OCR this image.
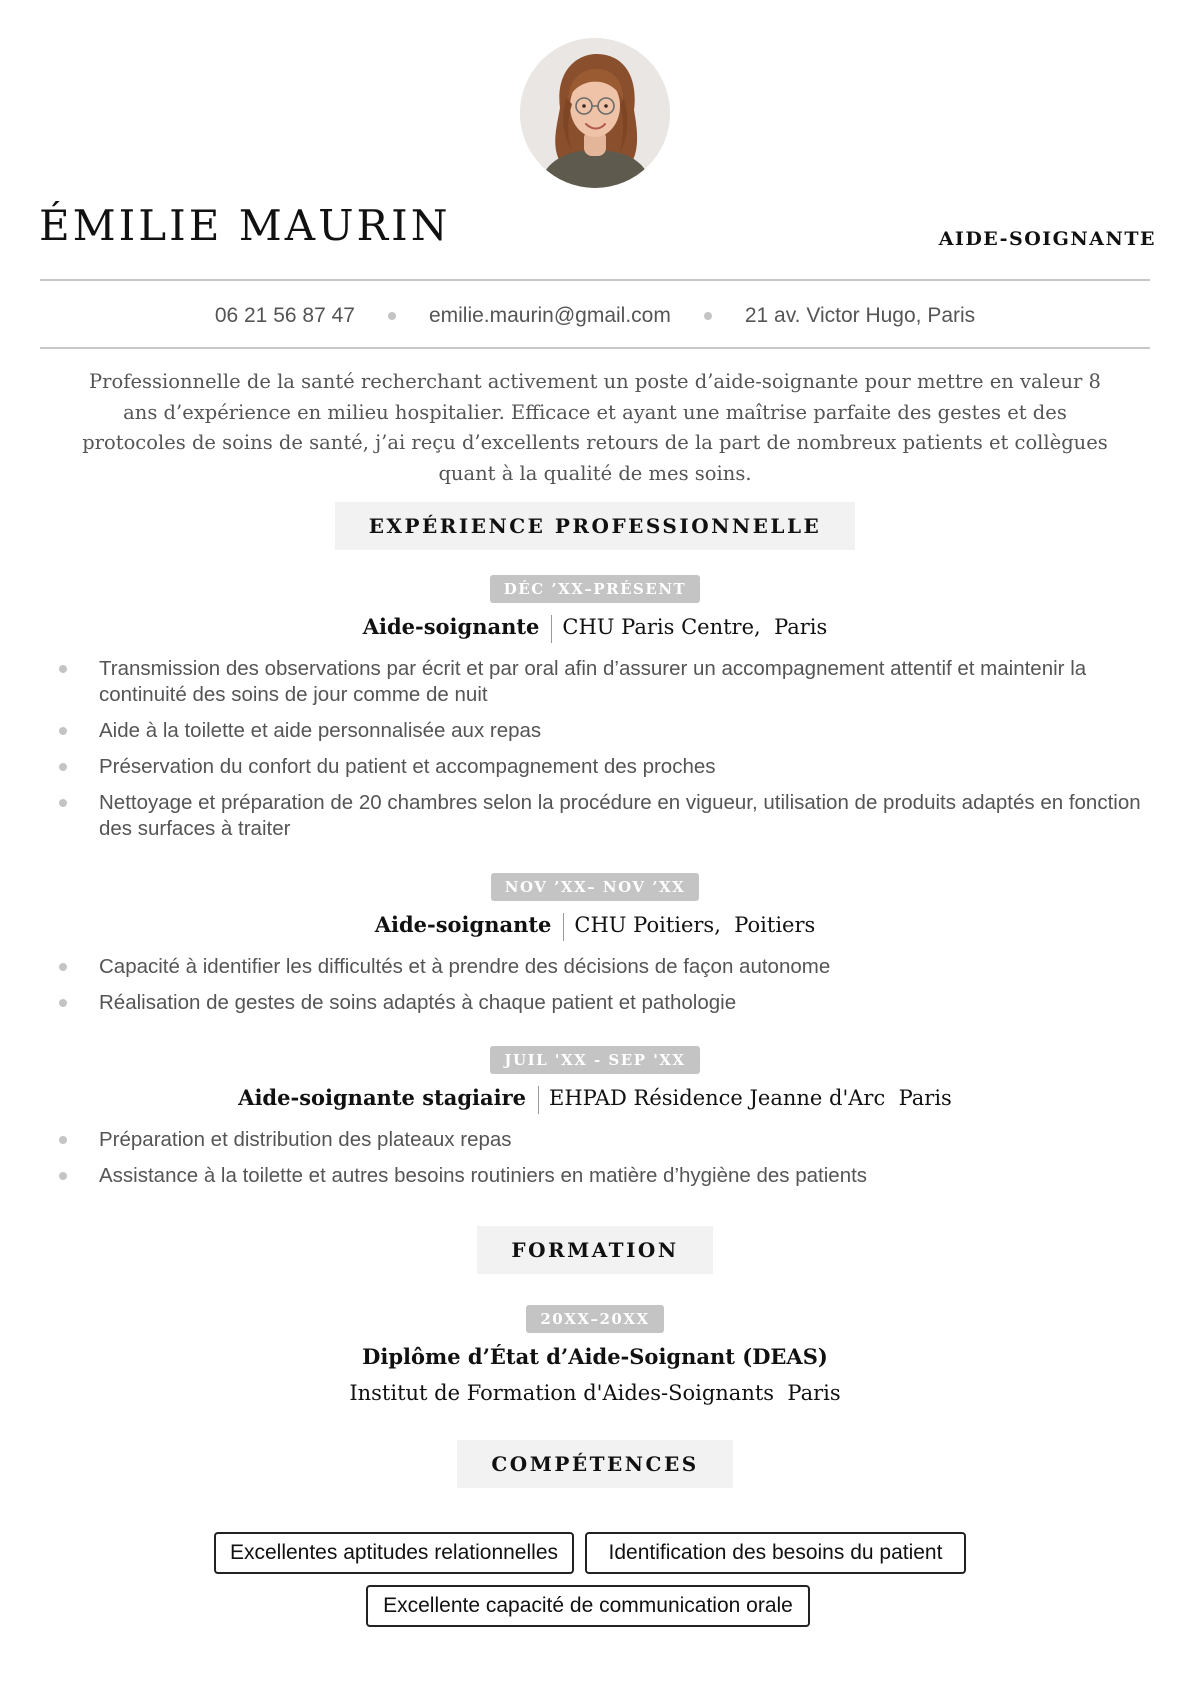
ÉMILIE MAURIN	AIDE-SOIGNANTE
06 21 56 87 47	emilie.maurin@gmail.com	21 av. Victor Hugo, Paris

Professionnelle de la santé recherchant activement un poste d’aide-soignante pour mettre en valeur 8 ans d’expérience en milieu hospitalier. Efficace et ayant une maîtrise parfaite des gestes et des protocoles de soins de santé, j’ai reçu d’excellents retours de la part de nombreux patients et collègues quant à la qualité de mes soins.

EXPÉRIENCE PROFESSIONNELLE
DÉC ’XX–PRÉSENT
Aide-soignante CHU Paris Centre, Paris
Transmission des observations par écrit et par oral afin d’assurer un accompagnement attentif et maintenir la continuité des soins de jour comme de nuit
Aide à la toilette et aide personnalisée aux repas
Préservation du confort du patient et accompagnement des proches
Nettoyage et préparation de 20 chambres selon la procédure en vigueur, utilisation de produits adaptés en fonction des surfaces à traiter
NOV ’XX– NOV ’XX
Aide-soignante CHU Poitiers, Poitiers
Capacité à identifier les difficultés et à prendre des décisions de façon autonome
Réalisation de gestes de soins adaptés à chaque patient et pathologie
JUIL 'XX - SEP 'XX
Aide-soignante stagiaire EHPAD Résidence Jeanne d'Arc Paris
Préparation et distribution des plateaux repas
Assistance à la toilette et autres besoins routiniers en matière d’hygiène des patients
FORMATION
20XX–20XX
Diplôme d’État d’Aide-Soignant (DEAS)
Institut de Formation d'Aides-Soignants Paris
COMPÉTENCES
Excellentes aptitudes relationnelles	Identification des besoins du patient
Excellente capacité de communication orale
